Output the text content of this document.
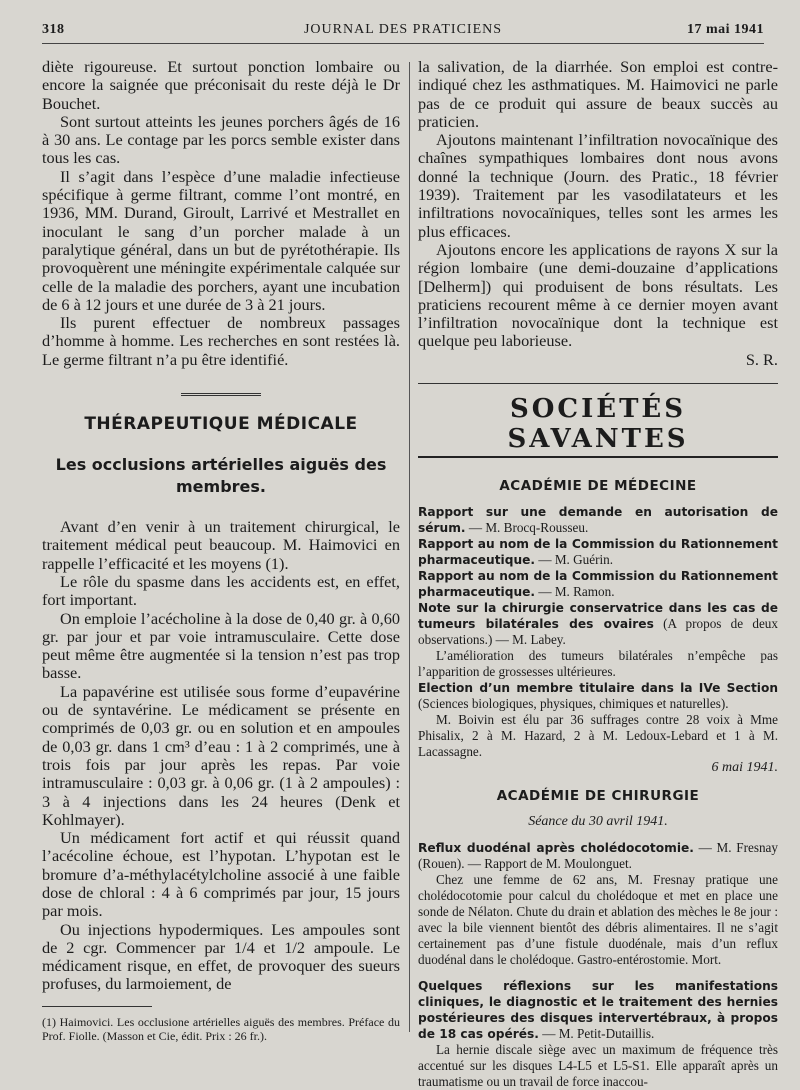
318	JOURNAL DES PRATICIENS	17 mai 1941

diète rigoureuse. Et surtout ponction lombaire ou encore la saignée que préconisait du reste déjà le Dr Bouchet.

Sont surtout atteints les jeunes porchers âgés de 16 à 30 ans. Le contage par les porcs semble exister dans tous les cas.

Il s’agit dans l’espèce d’une maladie infectieuse spécifique à germe filtrant, comme l’ont montré, en 1936, MM. Durand, Giroult, Larrivé et Mestrallet en inoculant le sang d’un porcher malade à un paralytique général, dans un but de pyrétothérapie. Ils provoquèrent une méningite expérimentale calquée sur celle de la maladie des porchers, ayant une incubation de 6 à 12 jours et une durée de 3 à 21 jours.

Ils purent effectuer de nombreux passages d’homme à homme. Les recherches en sont restées là. Le germe filtrant n’a pu être identifié.

THÉRAPEUTIQUE MÉDICALE
Les occlusions artérielles aiguës des membres.

Avant d’en venir à un traitement chirurgical, le traitement médical peut beaucoup. M. Haimovici en rappelle l’efficacité et les moyens (1).

Le rôle du spasme dans les accidents est, en effet, fort important.

On emploie l’acécholine à la dose de 0,40 gr. à 0,60 gr. par jour et par voie intramusculaire. Cette dose peut même être augmentée si la tension n’est pas trop basse.

La papavérine est utilisée sous forme d’eupavérine ou de syntavérine. Le médicament se présente en comprimés de 0,03 gr. ou en solution et en ampoules de 0,03 gr. dans 1 cm³ d’eau : 1 à 2 comprimés, une à trois fois par jour après les repas. Par voie intramusculaire : 0,03 gr. à 0,06 gr. (1 à 2 ampoules) : 3 à 4 injections dans les 24 heures (Denk et Kohlmayer).

Un médicament fort actif et qui réussit quand l’acécoline échoue, est l’hypotan. L’hypotan est le bromure d’a-méthylacétylcholine associé à une faible dose de chloral : 4 à 6 comprimés par jour, 15 jours par mois.

Ou injections hypodermiques. Les ampoules sont de 2 cgr. Commencer par 1/4 et 1/2 ampoule. Le médicament risque, en effet, de provoquer des sueurs profuses, du larmoiement, de

(1) Haimovici. Les occlusione artérielles aiguës des membres. Préface du Prof. Fiolle. (Masson et Cie, édit. Prix : 26 fr.).

la salivation, de la diarrhée. Son emploi est contre-indiqué chez les asthmatiques. M. Haimovici ne parle pas de ce produit qui assure de beaux succès au praticien.

Ajoutons maintenant l’infiltration novocaïnique des chaînes sympathiques lombaires dont nous avons donné la technique (Journ. des Pratic., 18 février 1939). Traitement par les vasodilatateurs et les infiltrations novocaïniques, telles sont les armes les plus efficaces.

Ajoutons encore les applications de rayons X sur la région lombaire (une demi-douzaine d’applications [Delherm]) qui produisent de bons résultats. Les praticiens recourent même à ce dernier moyen avant l’infiltration novocaïnique dont la technique est quelque peu laborieuse.

S. R.

SOCIÉTÉS SAVANTES
ACADÉMIE DE MÉDECINE

Rapport sur une demande en autorisation de sérum. — M. Brocq-Rousseu.

Rapport au nom de la Commission du Rationnement pharmaceutique. — M. Guérin.

Rapport au nom de la Commission du Rationnement pharmaceutique. — M. Ramon.

Note sur la chirurgie conservatrice dans les cas de tumeurs bilatérales des ovaires (A propos de deux observations.) — M. Labey.

L’amélioration des tumeurs bilatérales n’empêche pas l’apparition de grossesses ultérieures.

Election d’un membre titulaire dans la IVe Section (Sciences biologiques, physiques, chimiques et naturelles).

M. Boivin est élu par 36 suffrages contre 28 voix à Mme Phisalix, 2 à M. Hazard, 2 à M. Ledoux-Lebard et 1 à M. Lacassagne.

6 mai 1941.

ACADÉMIE DE CHIRURGIE
Séance du 30 avril 1941.

Reflux duodénal après cholédocotomie. — M. Fresnay (Rouen). — Rapport de M. Moulonguet.

Chez une femme de 62 ans, M. Fresnay pratique une cholédocotomie pour calcul du cholédoque et met en place une sonde de Nélaton. Chute du drain et ablation des mèches le 8e jour : avec la bile viennent bientôt des débris alimentaires. Il ne s’agit certainement pas d’une fistule duodénale, mais d’un reflux duodénal dans le cholédoque. Gastro-entérostomie. Mort.

Quelques réflexions sur les manifestations cliniques, le diagnostic et le traitement des hernies postérieures des disques intervertébraux, à propos de 18 cas opérés. — M. Petit-Dutaillis.

La hernie discale siège avec un maximum de fréquence très accentué sur les disques L4-L5 et L5-S1. Elle apparaît après un traumatisme ou un travail de force inaccou-
